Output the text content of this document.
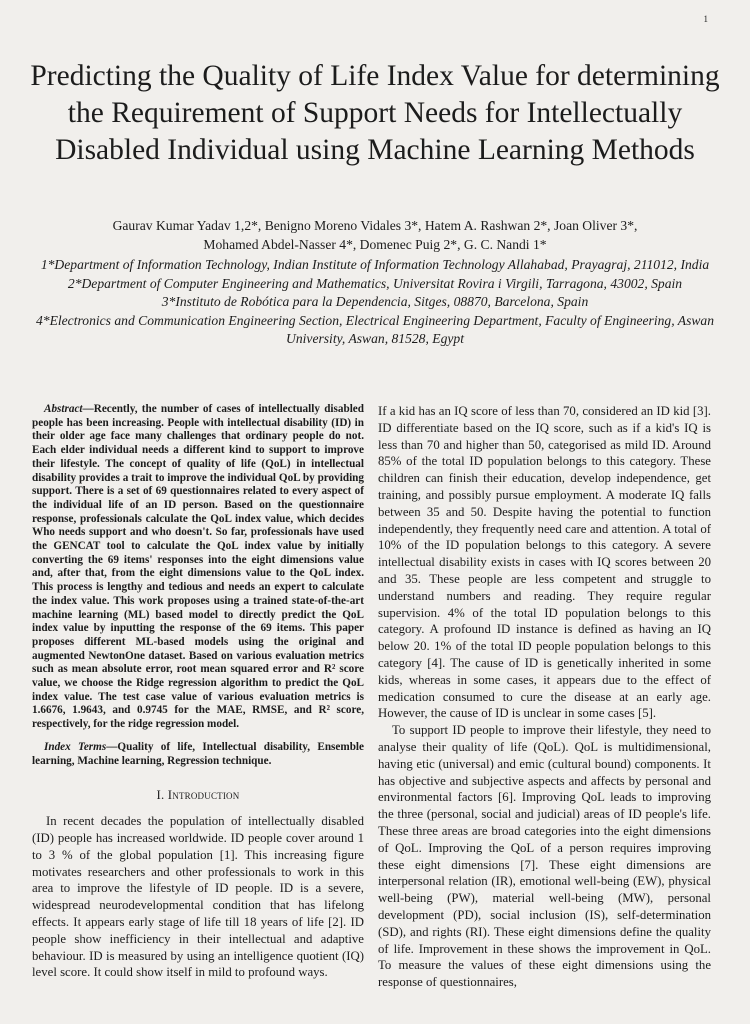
1
Predicting the Quality of Life Index Value for determining the Requirement of Support Needs for Intellectually Disabled Individual using Machine Learning Methods
Gaurav Kumar Yadav 1,2*, Benigno Moreno Vidales 3*, Hatem A. Rashwan 2*, Joan Oliver 3*,
Mohamed Abdel-Nasser 4*, Domenec Puig 2*, G. C. Nandi 1*
1*Department of Information Technology, Indian Institute of Information Technology Allahabad, Prayagraj, 211012, India
2*Department of Computer Engineering and Mathematics, Universitat Rovira i Virgili, Tarragona, 43002, Spain
3*Instituto de Robótica para la Dependencia, Sitges, 08870, Barcelona, Spain
4*Electronics and Communication Engineering Section, Electrical Engineering Department, Faculty of Engineering, Aswan University, Aswan, 81528, Egypt

Abstract—Recently, the number of cases of intellectually disabled people has been increasing. People with intellectual disability (ID) in their older age face many challenges that ordinary people do not. Each elder individual needs a different kind to support to improve their lifestyle. The concept of quality of life (QoL) in intellectual disability provides a trait to improve the individual QoL by providing support. There is a set of 69 questionnaires related to every aspect of the individual life of an ID person. Based on the questionnaire response, professionals calculate the QoL index value, which decides Who needs support and who doesn't. So far, professionals have used the GENCAT tool to calculate the QoL index value by initially converting the 69 items' responses into the eight dimensions value and, after that, from the eight dimensions value to the QoL index. This process is lengthy and tedious and needs an expert to calculate the index value. This work proposes using a trained state-of-the-art machine learning (ML) based model to directly predict the QoL index value by inputting the response of the 69 items. This paper proposes different ML-based models using the original and augmented NewtonOne dataset. Based on various evaluation metrics such as mean absolute error, root mean squared error and R² score value, we choose the Ridge regression algorithm to predict the QoL index value. The test case value of various evaluation metrics is 1.6676, 1.9643, and 0.9745 for the MAE, RMSE, and R² score, respectively, for the ridge regression model.

Index Terms—Quality of life, Intellectual disability, Ensemble learning, Machine learning, Regression technique.

I. Introduction

In recent decades the population of intellectually disabled (ID) people has increased worldwide. ID people cover around 1 to 3 % of the global population [1]. This increasing figure motivates researchers and other professionals to work in this area to improve the lifestyle of ID people. ID is a severe, widespread neurodevelopmental condition that has lifelong effects. It appears early stage of life till 18 years of life [2]. ID people show inefficiency in their intellectual and adaptive behaviour. ID is measured by using an intelligence quotient (IQ) level score. It could show itself in mild to profound ways.

If a kid has an IQ score of less than 70, considered an ID kid [3]. ID differentiate based on the IQ score, such as if a kid's IQ is less than 70 and higher than 50, categorised as mild ID. Around 85% of the total ID population belongs to this category. These children can finish their education, develop independence, get training, and possibly pursue employment. A moderate IQ falls between 35 and 50. Despite having the potential to function independently, they frequently need care and attention. A total of 10% of the ID population belongs to this category. A severe intellectual disability exists in cases with IQ scores between 20 and 35. These people are less competent and struggle to understand numbers and reading. They require regular supervision. 4% of the total ID population belongs to this category. A profound ID instance is defined as having an IQ below 20. 1% of the total ID people population belongs to this category [4]. The cause of ID is genetically inherited in some kids, whereas in some cases, it appears due to the effect of medication consumed to cure the disease at an early age. However, the cause of ID is unclear in some cases [5].

To support ID people to improve their lifestyle, they need to analyse their quality of life (QoL). QoL is multidimensional, having etic (universal) and emic (cultural bound) components. It has objective and subjective aspects and affects by personal and environmental factors [6]. Improving QoL leads to improving the three (personal, social and judicial) areas of ID people's life. These three areas are broad categories into the eight dimensions of QoL. Improving the QoL of a person requires improving these eight dimensions [7]. These eight dimensions are interpersonal relation (IR), emotional well-being (EW), physical well-being (PW), material well-being (MW), personal development (PD), social inclusion (IS), self-determination (SD), and rights (RI). These eight dimensions define the quality of life. Improvement in these shows the improvement in QoL. To measure the values of these eight dimensions using the response of questionnaires,
